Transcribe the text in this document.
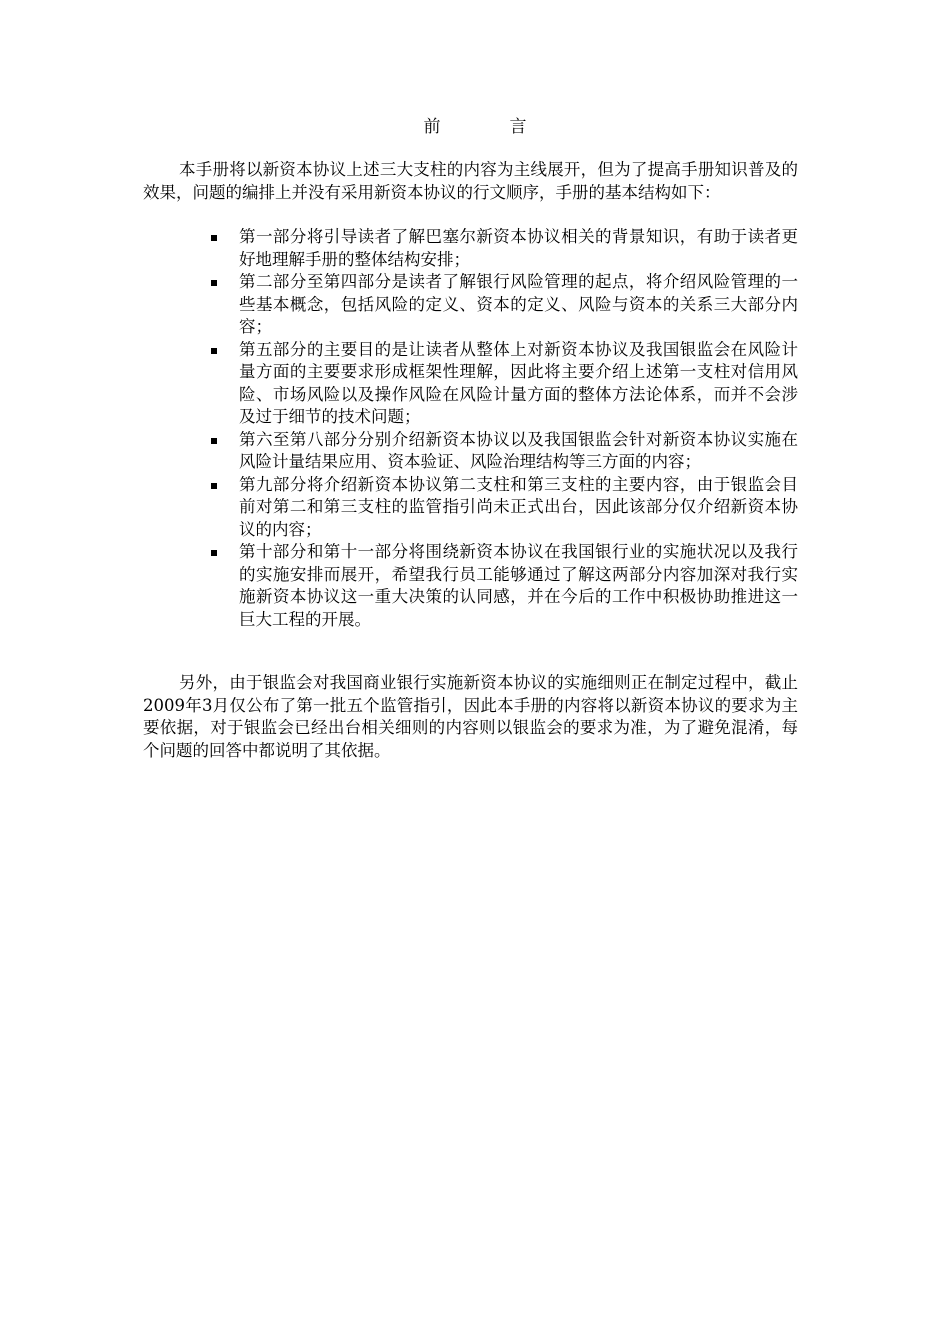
前　言

本手册将以新资本协议上述三大支柱的内容为主线展开，但为了提高手册知识普及的效果，问题的编排上并没有采用新资本协议的行文顺序，手册的基本结构如下：

第一部分将引导读者了解巴塞尔新资本协议相关的背景知识，有助于读者更好地理解手册的整体结构安排；
第二部分至第四部分是读者了解银行风险管理的起点，将介绍风险管理的一些基本概念，包括风险的定义、资本的定义、风险与资本的关系三大部分内容；
第五部分的主要目的是让读者从整体上对新资本协议及我国银监会在风险计量方面的主要要求形成框架性理解，因此将主要介绍上述第一支柱对信用风险、市场风险以及操作风险在风险计量方面的整体方法论体系，而并不会涉及过于细节的技术问题；
第六至第八部分分别介绍新资本协议以及我国银监会针对新资本协议实施在风险计量结果应用、资本验证、风险治理结构等三方面的内容；
第九部分将介绍新资本协议第二支柱和第三支柱的主要内容，由于银监会目前对第二和第三支柱的监管指引尚未正式出台，因此该部分仅介绍新资本协议的内容；
第十部分和第十一部分将围绕新资本协议在我国银行业的实施状况以及我行的实施安排而展开，希望我行员工能够通过了解这两部分内容加深对我行实施新资本协议这一重大决策的认同感，并在今后的工作中积极协助推进这一巨大工程的开展。

另外，由于银监会对我国商业银行实施新资本协议的实施细则正在制定过程中，截止2009年3月仅公布了第一批五个监管指引，因此本手册的内容将以新资本协议的要求为主要依据，对于银监会已经出台相关细则的内容则以银监会的要求为准，为了避免混淆，每个问题的回答中都说明了其依据。
